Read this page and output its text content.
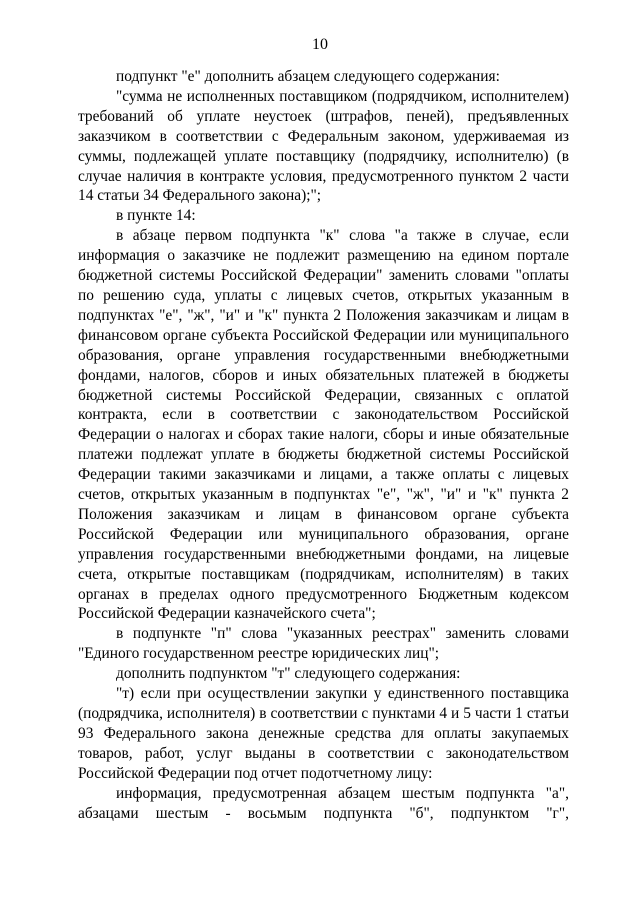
10

подпункт "е" дополнить абзацем следующего содержания:

"сумма не исполненных поставщиком (подрядчиком, исполнителем) требований об уплате неустоек (штрафов, пеней), предъявленных заказчиком в соответствии с Федеральным законом, удерживаемая из суммы, подлежащей уплате поставщику (подрядчику, исполнителю) (в случае наличия в контракте условия, предусмотренного пунктом 2 части 14 статьи 34 Федерального закона);";

в пункте 14:

в абзаце первом подпункта "к" слова "а также в случае, если информация о заказчике не подлежит размещению на едином портале бюджетной системы Российской Федерации" заменить словами "оплаты по решению суда, уплаты с лицевых счетов, открытых указанным в подпунктах "е", "ж", "и" и "к" пункта 2 Положения заказчикам и лицам в финансовом органе субъекта Российской Федерации или муниципального образования, органе управления государственными внебюджетными фондами, налогов, сборов и иных обязательных платежей в бюджеты бюджетной системы Российской Федерации, связанных с оплатой контракта, если в соответствии с законодательством Российской Федерации о налогах и сборах такие налоги, сборы и иные обязательные платежи подлежат уплате в бюджеты бюджетной системы Российской Федерации такими заказчиками и лицами, а также оплаты с лицевых счетов, открытых указанным в подпунктах "е", "ж", "и" и "к" пункта 2 Положения заказчикам и лицам в финансовом органе субъекта Российской Федерации или муниципального образования, органе управления государственными внебюджетными фондами, на лицевые счета, открытые поставщикам (подрядчикам, исполнителям) в таких органах в пределах одного предусмотренного Бюджетным кодексом Российской Федерации казначейского счета";

в подпункте "п" слова "указанных реестрах" заменить словами "Единого государственном реестре юридических лиц";

дополнить подпунктом "т" следующего содержания:

"т) если при осуществлении закупки у единственного поставщика (подрядчика, исполнителя) в соответствии с пунктами 4 и 5 части 1 статьи 93 Федерального закона денежные средства для оплаты закупаемых товаров, работ, услуг выданы в соответствии с законодательством Российской Федерации под отчет подотчетному лицу:

информация, предусмотренная абзацем шестым подпункта "а", абзацами шестым - восьмым подпункта "б", подпунктом "г",
